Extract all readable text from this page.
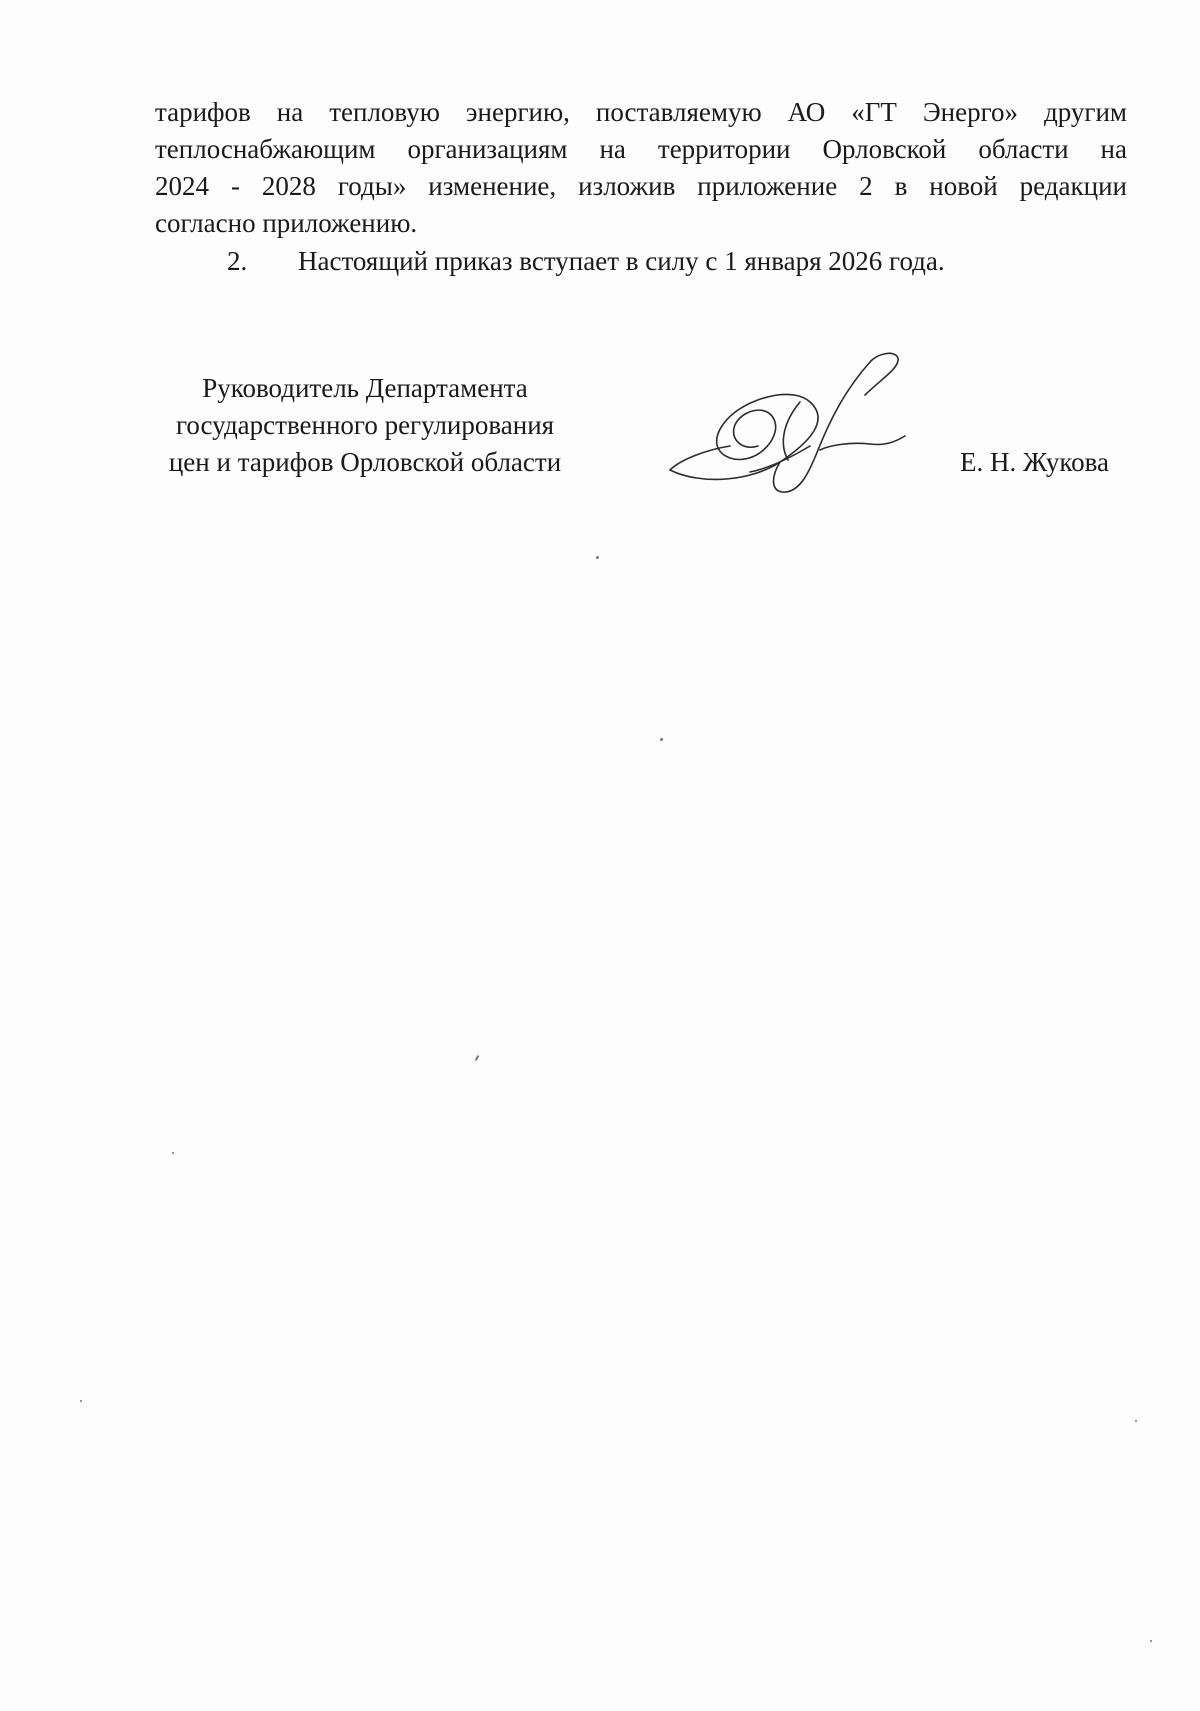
тарифов на тепловую энергию, поставляемую АО «ГТ Энерго» другим
теплоснабжающим организациям на территории Орловской области на
2024 - 2028 годы» изменение, изложив приложение 2 в новой редакции
согласно приложению.

2. Настоящий приказ вступает в силу с 1 января 2026 года.

Руководитель Департамента
государственного регулирования
цен и тарифов Орловской области	Е. Н. Жукова
